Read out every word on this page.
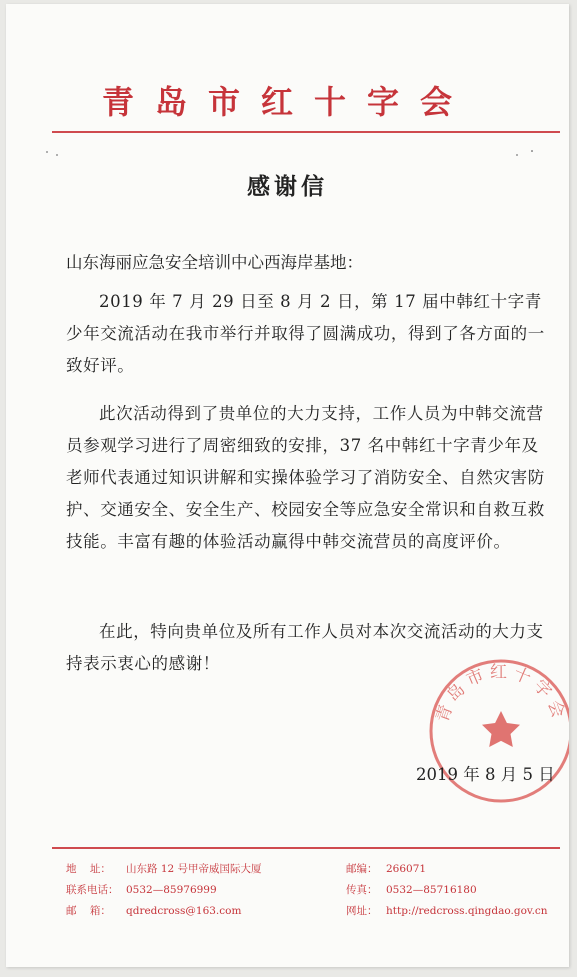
青岛市红十字会
感谢信
山东海丽应急安全培训中心西海岸基地：

2019 年 7 月 29 日至 8 月 2 日，第 17 届中韩红十字青少年交流活动在我市举行并取得了圆满成功，得到了各方面的一致好评。

此次活动得到了贵单位的大力支持，工作人员为中韩交流营员参观学习进行了周密细致的安排，37 名中韩红十字青少年及老师代表通过知识讲解和实操体验学习了消防安全、自然灾害防护、交通安全、安全生产、校园安全等应急安全常识和自救互救技能。丰富有趣的体验活动赢得中韩交流营员的高度评价。

在此，特向贵单位及所有工作人员对本次交流活动的大力支持表示衷心的感谢！

青岛市红十字会
2019 年 8 月 5 日
地    址： 山东路 12 号甲帝威国际大厦
联系电话： 0532—85976999
邮    箱： qdredcross@163.com
邮编： 266071
传真： 0532—85716180
网址： http://redcross.qingdao.gov.cn
